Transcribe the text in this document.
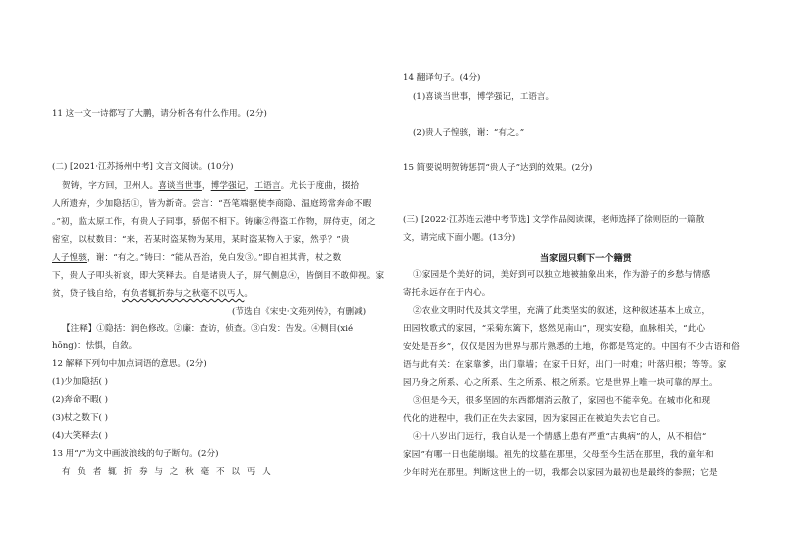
11 这一文一诗都写了大鹏，请分析各有什么作用。(2分)
(二) [2021·江苏扬州中考] 文言文阅读。(10分)
贺铸，字方回，卫州人。喜谈当世事，博学强记，工语言。尤长于度曲，掇拾
人所遗弃，少加隐括①，皆为新奇。尝言：“吾笔端驱使李商隐、温庭筠常奔命不暇
。”初，监太原工作，有贵人子同事，骄倨不相下。铸廉②得盗工作物，屏侍吏，闭之
密室，以杖数目：“来，若某时盗某物为某用，某时盗某物入于家，然乎？”贵
人子惶骇，谢：“有之。”铸曰：“能从吾治，免白发③。”即自袒其背，杖之数
下，贵人子叩头祈哀，即大笑释去。自是诸贵人子，屏气侧息④，皆倒目不敢仰视。家
贫，贷子钱自给，有负者辄折券与之秋毫不以丐人。
(节选自《宋史·文苑列传》，有删减)
【注释】①隐括：润色修改。②廉：查访，侦查。③白发：告发。④侧目(xié
hōng)：怯惧，自敛。
12 解释下列句中加点词语的意思。(2分)
(1)少加隐括( )
(2)奔命不暇( )
(3)杖之数下( )
(4)大笑释去( )
13 用“/”为文中画波浪线的句子断句。(2分)
有负者辄折券与之秋毫不以丐人
14 翻译句子。(4分)
(1)喜谈当世事，博学强记，工语言。
(2)贵人子惶骇，谢：“有之。”
15 简要说明贺铸惩罚“贵人子”达到的效果。(2分)
(三) [2022·江苏连云港中考节选] 文学作品阅读课，老师选择了徐则臣的一篇散
文，请完成下面小题。(13分)
当家园只剩下一个籍贯
①家园是个美好的词，美好到可以独立地被抽象出来，作为游子的乡愁与情感
寄托永远存在于内心。
②农业文明时代及其文学里，充满了此类坚实的叙述，这种叙述基本上成立，
田园牧歌式的家园，“采菊东篱下，悠然见南山”，现实安稳，血脉相关，“此心
安处是吾乡”，仅仅是因为世界与那片熟悉的土地，你都是笃定的。中国有不少古语和俗
语与此有关：在家靠爹，出门靠墙；在家千日好，出门一时难；叶落归根；等等。家
园乃身之所系、心之所系、生之所系、根之所系。它是世界上唯一块可靠的厚土。
③但是今天，很多坚固的东西都烟消云散了，家园也不能幸免。在城市化和现
代化的进程中，我们正在失去家园，因为家园正在被迫失去它自己。
④十八岁出门远行，我自认是一个情感上患有严重“古典病”的人，从不相信“
家园”有哪一日也能崩塌。祖先的坟墓在那里，父母至今生活在那里，我的童年和
少年时光在那里。判断这世上的一切，我都会以家园为最初也是最终的参照；它是
